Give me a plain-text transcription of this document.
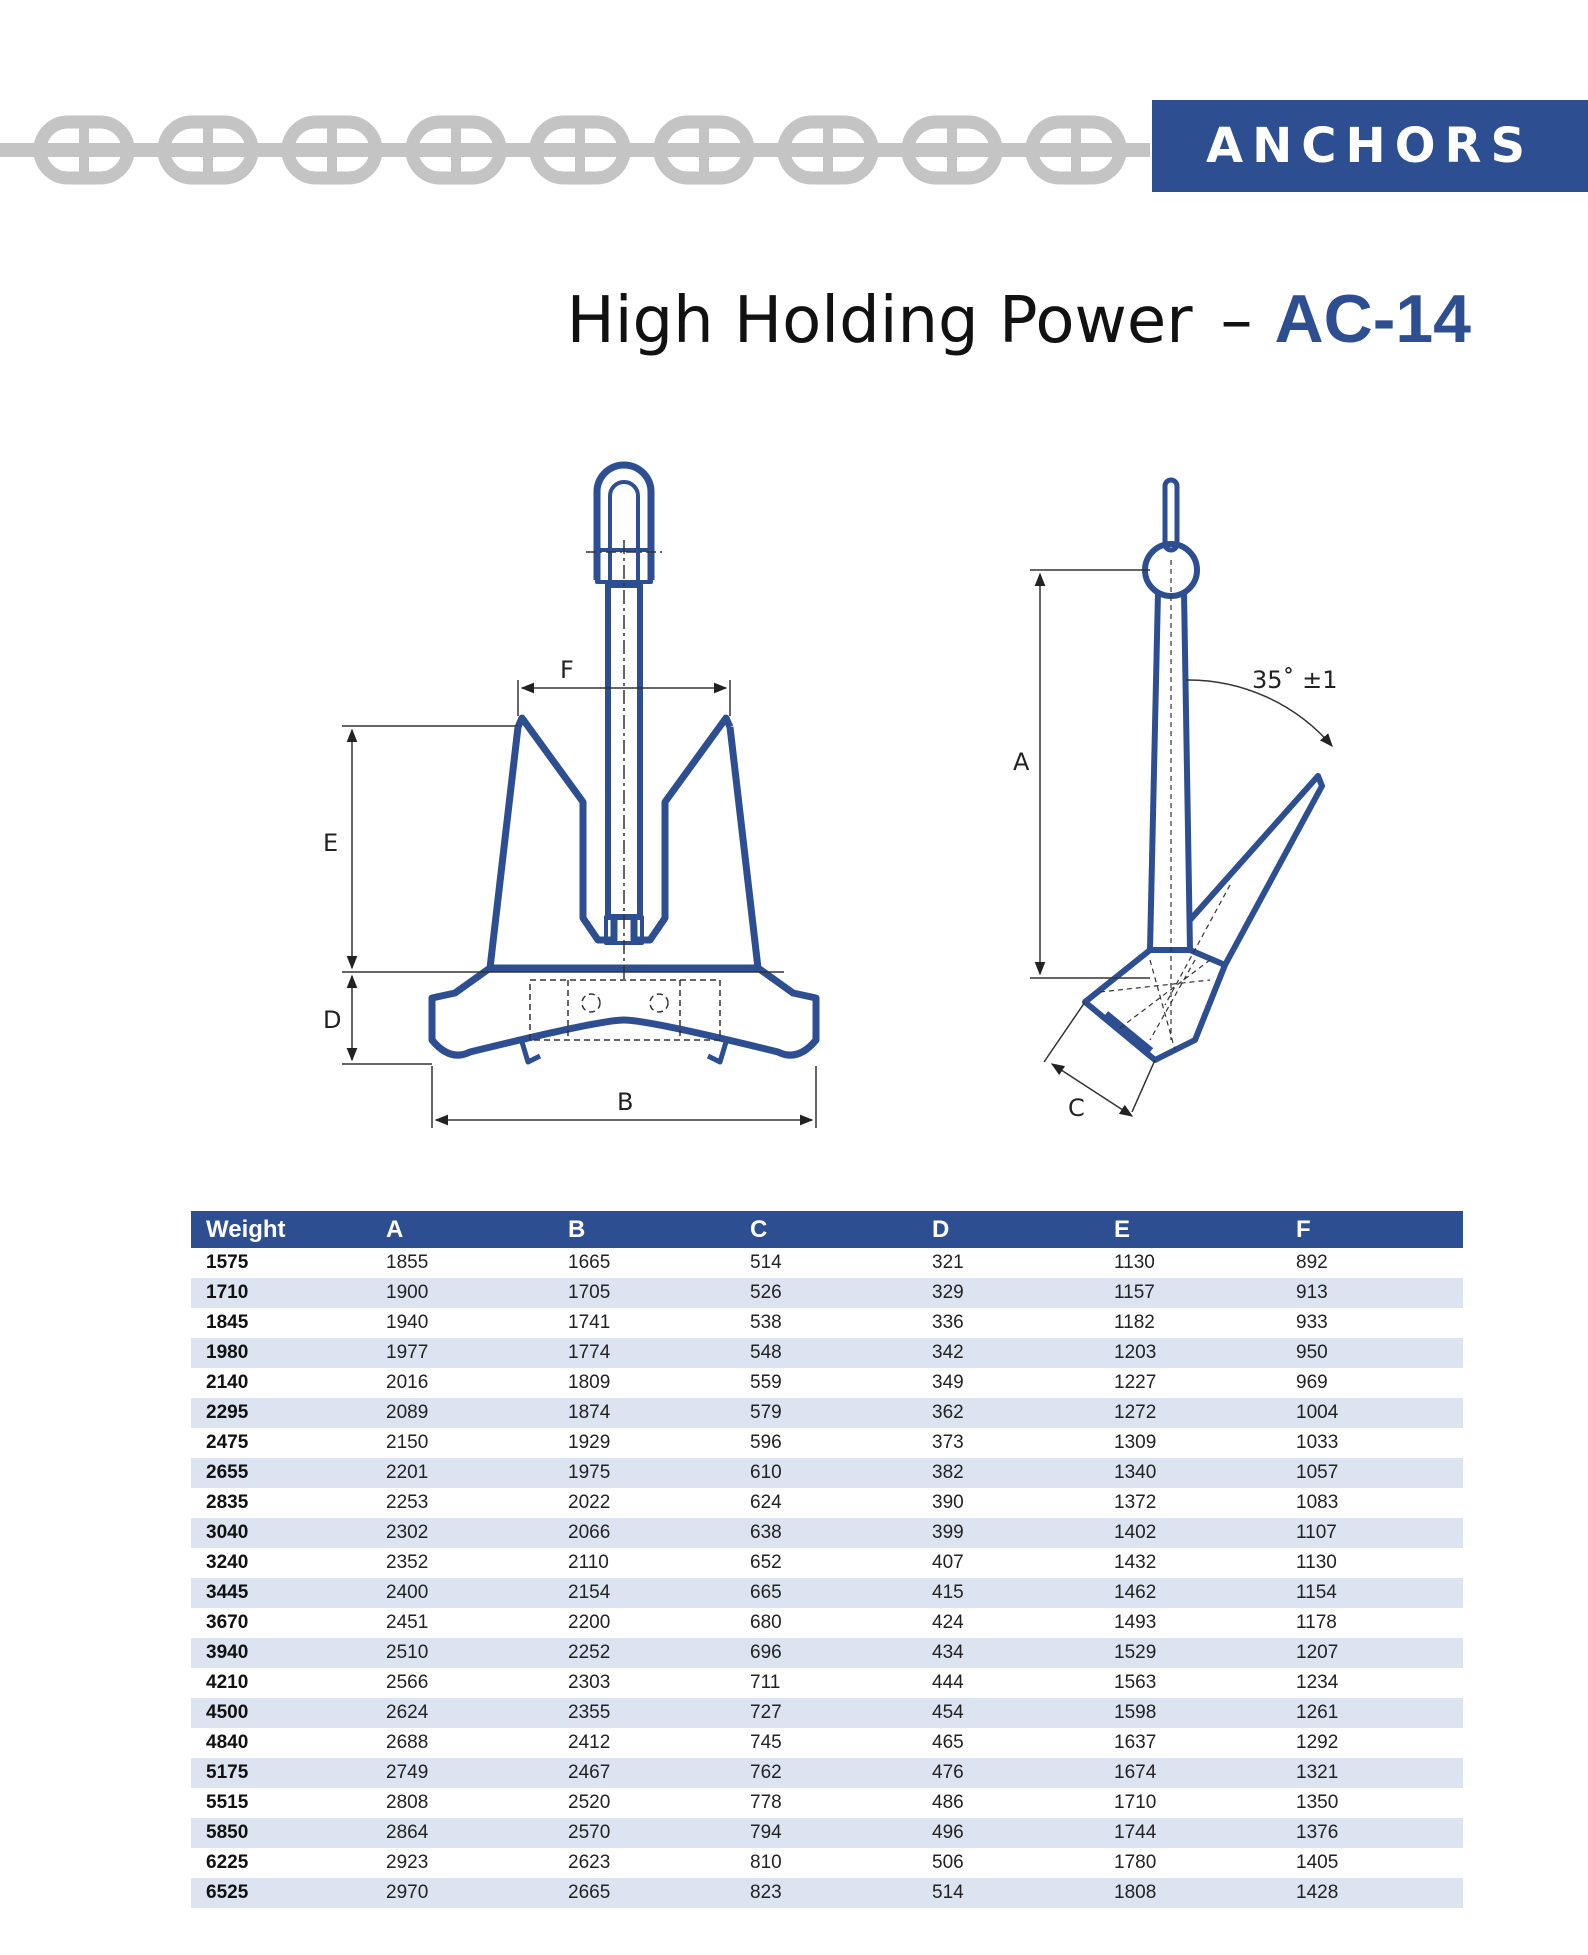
ANCHORS
High Holding Power – AC-14
F
E
D
B
A
35˚ ±1
C
Weight	A	B	C	D	E	F
1575	1855	1665	514	321	1130	892
1710	1900	1705	526	329	1157	913
1845	1940	1741	538	336	1182	933
1980	1977	1774	548	342	1203	950
2140	2016	1809	559	349	1227	969
2295	2089	1874	579	362	1272	1004
2475	2150	1929	596	373	1309	1033
2655	2201	1975	610	382	1340	1057
2835	2253	2022	624	390	1372	1083
3040	2302	2066	638	399	1402	1107
3240	2352	2110	652	407	1432	1130
3445	2400	2154	665	415	1462	1154
3670	2451	2200	680	424	1493	1178
3940	2510	2252	696	434	1529	1207
4210	2566	2303	711	444	1563	1234
4500	2624	2355	727	454	1598	1261
4840	2688	2412	745	465	1637	1292
5175	2749	2467	762	476	1674	1321
5515	2808	2520	778	486	1710	1350
5850	2864	2570	794	496	1744	1376
6225	2923	2623	810	506	1780	1405
6525	2970	2665	823	514	1808	1428
